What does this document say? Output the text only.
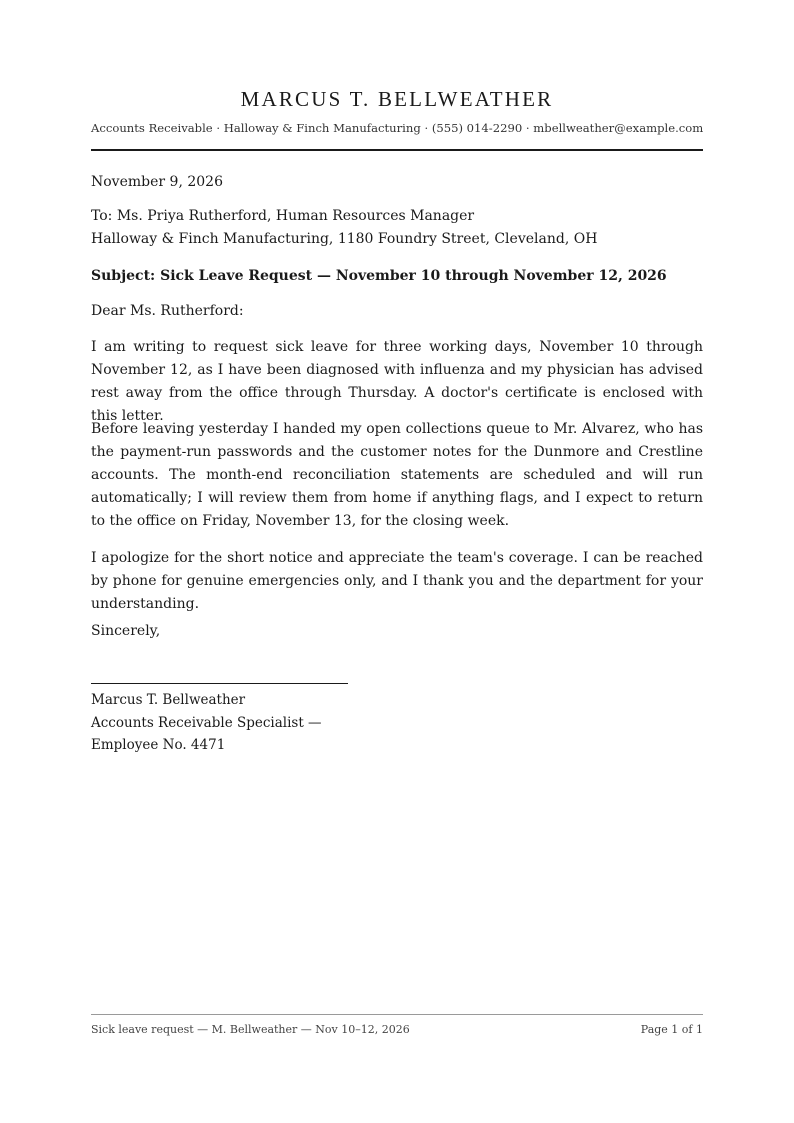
MARCUS T. BELLWEATHER
Accounts Receivable · Halloway & Finch Manufacturing · (555) 014-2290 · mbellweather@example.com
November 9, 2026
To: Ms. Priya Rutherford, Human Resources Manager
Halloway & Finch Manufacturing, 1180 Foundry Street, Cleveland, OH
Subject: Sick Leave Request — November 10 through November 12, 2026
Dear Ms. Rutherford:

I am writing to request sick leave for three working days, November 10 through November 12, as I have been diagnosed with influenza and my physician has advised rest away from the office through Thursday. A doctor's certificate is enclosed with this letter.

Before leaving yesterday I handed my open collections queue to Mr. Alvarez, who has the payment-run passwords and the customer notes for the Dunmore and Crestline accounts. The month-end reconciliation statements are scheduled and will run automatically; I will review them from home if anything flags, and I expect to return to the office on Friday, November 13, for the closing week.

I apologize for the short notice and appreciate the team's coverage. I can be reached by phone for genuine emergencies only, and I thank you and the department for your understanding.

Sincerely,
Marcus T. Bellweather
Accounts Receivable Specialist —
Employee No. 4471
Sick leave request — M. Bellweather — Nov 10–12, 2026	Page 1 of 1
